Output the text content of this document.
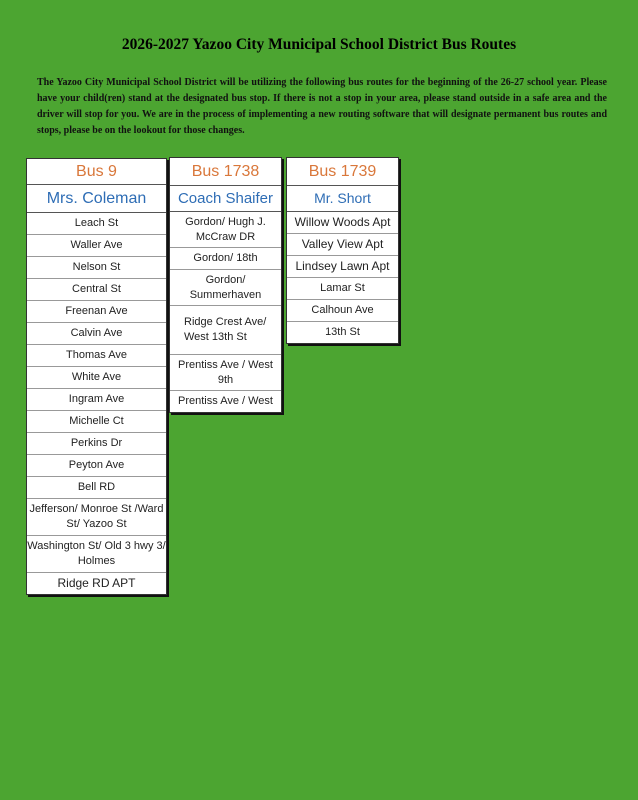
2026-2027 Yazoo City Municipal School District Bus Routes
The Yazoo City Municipal School District will be utilizing the following bus routes for the beginning of the 26-27 school year. Please have your child(ren) stand at the designated bus stop. If there is not a stop in your area, please stand outside in a safe area and the driver will stop for you. We are in the process of implementing a new routing software that will designate permanent bus routes and stops, please be on the lookout for those changes.
Bus 9
Mrs. Coleman
Leach St
Waller Ave
Nelson St
Central St
Freenan Ave
Calvin Ave
Thomas Ave
White Ave
Ingram Ave
Michelle Ct
Perkins Dr
Peyton Ave
Bell RD
Jefferson/ Monroe St /Ward St/ Yazoo St
Washington St/ Old 3 hwy 3/ Holmes
Ridge RD APT
Bus 1738
Coach Shaifer
Gordon/ Hugh J. McCraw DR
Gordon/ 18th
Gordon/ Summerhaven
Ridge Crest Ave/ West 13th St
Prentiss Ave / West 9th
Prentiss Ave / West
Bus 1739
Mr. Short
Willow Woods Apt
Valley View Apt
Lindsey Lawn Apt
Lamar St
Calhoun Ave
13th St
